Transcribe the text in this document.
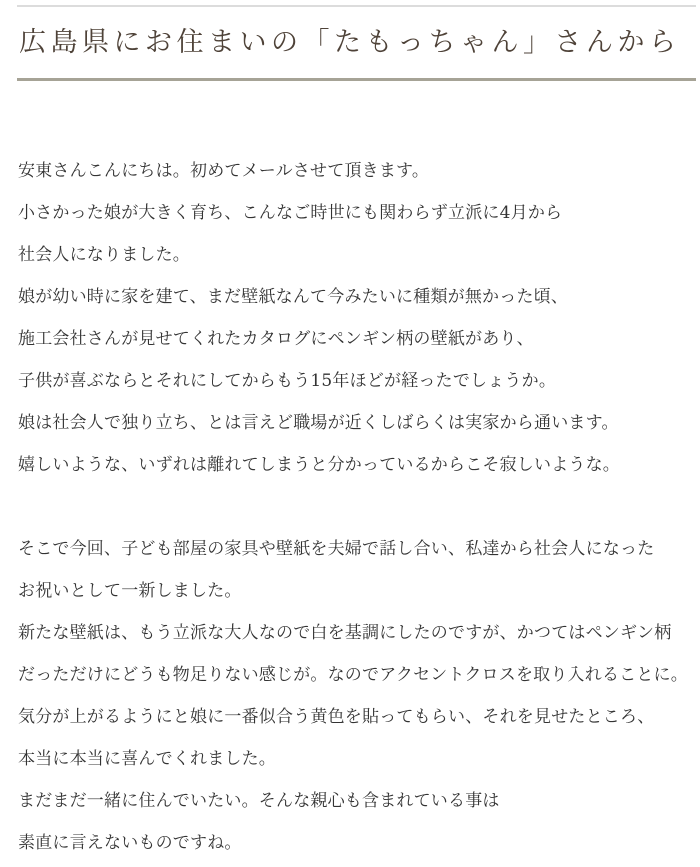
広島県にお住まいの「たもっちゃん」さんから

安東さんこんにちは。初めてメールさせて頂きます。

小さかった娘が大きく育ち、こんなご時世にも関わらず立派に4月から

社会人になりました。

娘が幼い時に家を建て、まだ壁紙なんて今みたいに種類が無かった頃、

施工会社さんが見せてくれたカタログにペンギン柄の壁紙があり、

子供が喜ぶならとそれにしてからもう15年ほどが経ったでしょうか。

娘は社会人で独り立ち、とは言えど職場が近くしばらくは実家から通います。

嬉しいような、いずれは離れてしまうと分かっているからこそ寂しいような。

そこで今回、子ども部屋の家具や壁紙を夫婦で話し合い、私達から社会人になった

お祝いとして一新しました。

新たな壁紙は、もう立派な大人なので白を基調にしたのですが、かつてはペンギン柄

だっただけにどうも物足りない感じが。なのでアクセントクロスを取り入れることに。

気分が上がるようにと娘に一番似合う黄色を貼ってもらい、それを見せたところ、

本当に本当に喜んでくれました。

まだまだ一緒に住んでいたい。そんな親心も含まれている事は

素直に言えないものですね。
